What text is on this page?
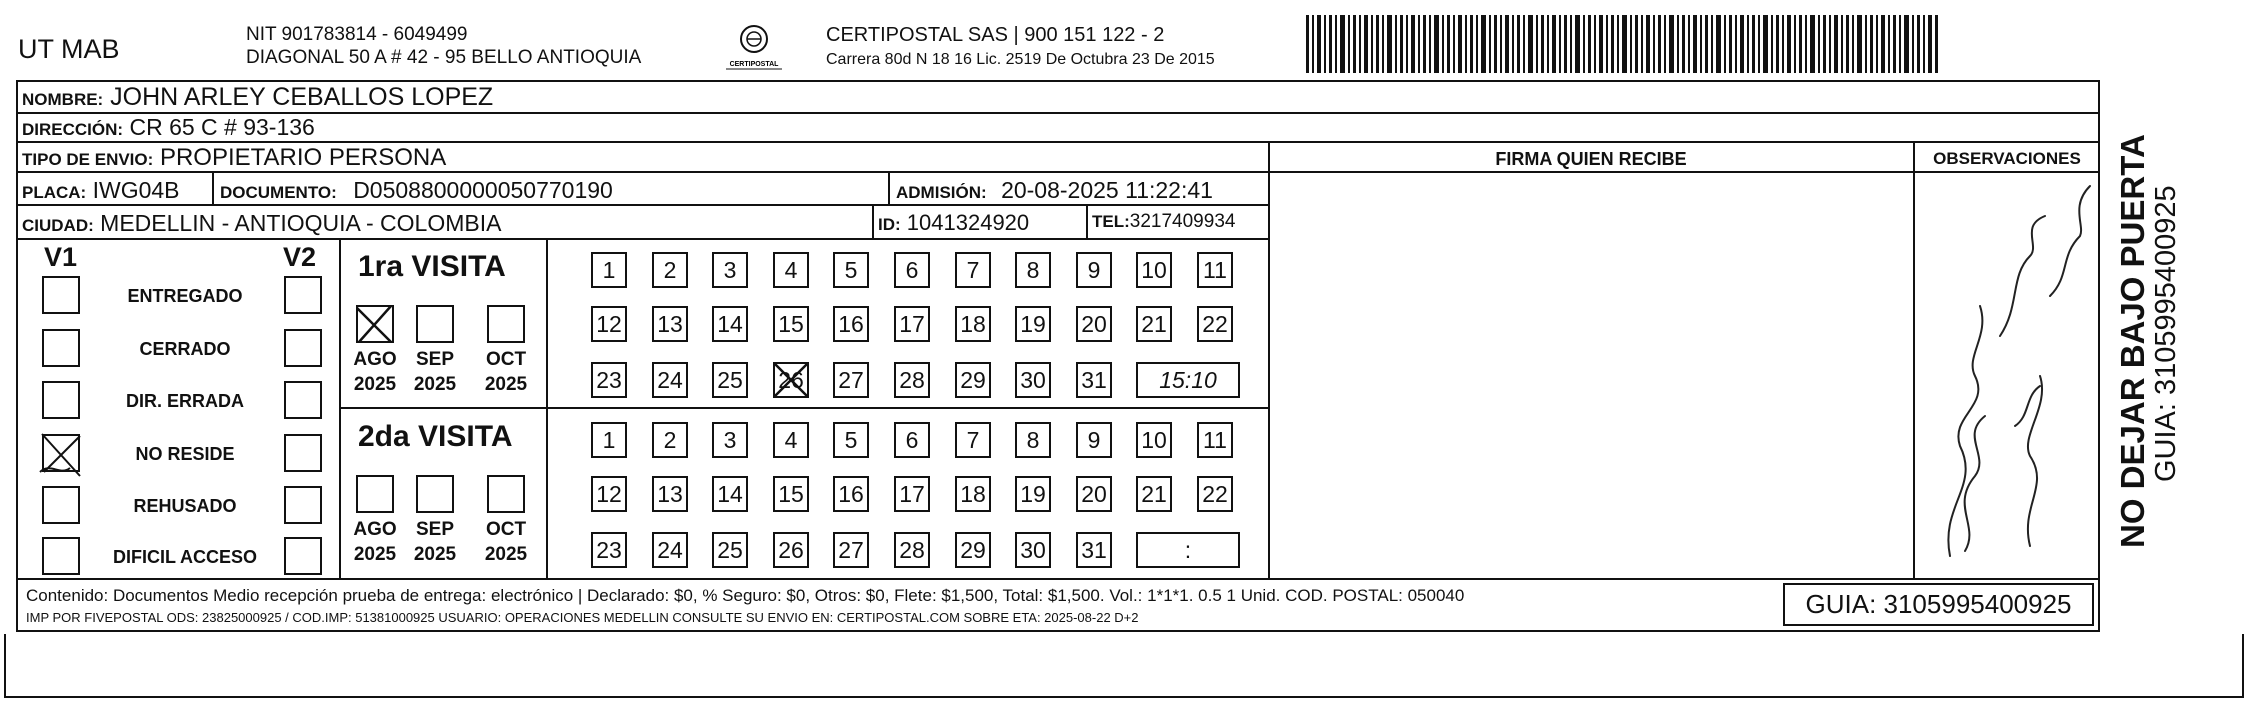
UT MAB	NIT 901783814 - 6049499
DIAGONAL 50 A # 42 - 95 BELLO ANTIOQUIA	CERTIPOSTAL
CERTIPOSTAL SAS | 900 151 122 - 2
Carrera 80d N 18 16 Lic. 2519 De Octubra 23 De 2015
NOMBRE: JOHN ARLEY CEBALLOS LOPEZ
DIRECCIÓN: CR 65 C # 93-136
TIPO DE ENVIO: PROPIETARIO PERSONA	FIRMA QUIEN RECIBE	OBSERVACIONES
PLACA: IWG04B DOCUMENTO: D0508800000050770190	ADMISIÓN: 20-08-2025 11:22:41
CIUDAD: MEDELLIN - ANTIOQUIA - COLOMBIA	ID: 1041324920	TEL:3217409934
V1	V2
ENTREGADO
CERRADO
DIR. ERRADA
NO RESIDE
REHUSADO
DIFICIL ACCESO
1ra VISITA
AGO
2025
SEP
2025
OCT
2025
1	2	3	4	5	6	7	8	9	10 11
12 13 14 15 16 17 18 19 20 21 22
23 24 25 26 27 28 29 30 31	15:10
2da VISITA
AGO
2025
SEP
2025
OCT
2025
1	2	3	4	5	6	7	8	9	10 11
12 13 14 15 16 17 18 19 20 21 22
23 24 25 26 27 28 29 30 31	:
NO DEJAR BAJO PUERTA GUIA: 3105995400925
Contenido: Documentos Medio recepción prueba de entrega: electrónico | Declarado: $0, % Seguro: $0, Otros: $0, Flete: $1,500, Total: $1,500. Vol.: 1*1*1. 0.5 1 Unid. COD. POSTAL: 050040
IMP POR FIVEPOSTAL ODS: 23825000925 / COD.IMP: 51381000925 USUARIO: OPERACIONES MEDELLIN CONSULTE SU ENVIO EN: CERTIPOSTAL.COM SOBRE ETA: 2025-08-22 D+2	GUIA: 3105995400925
